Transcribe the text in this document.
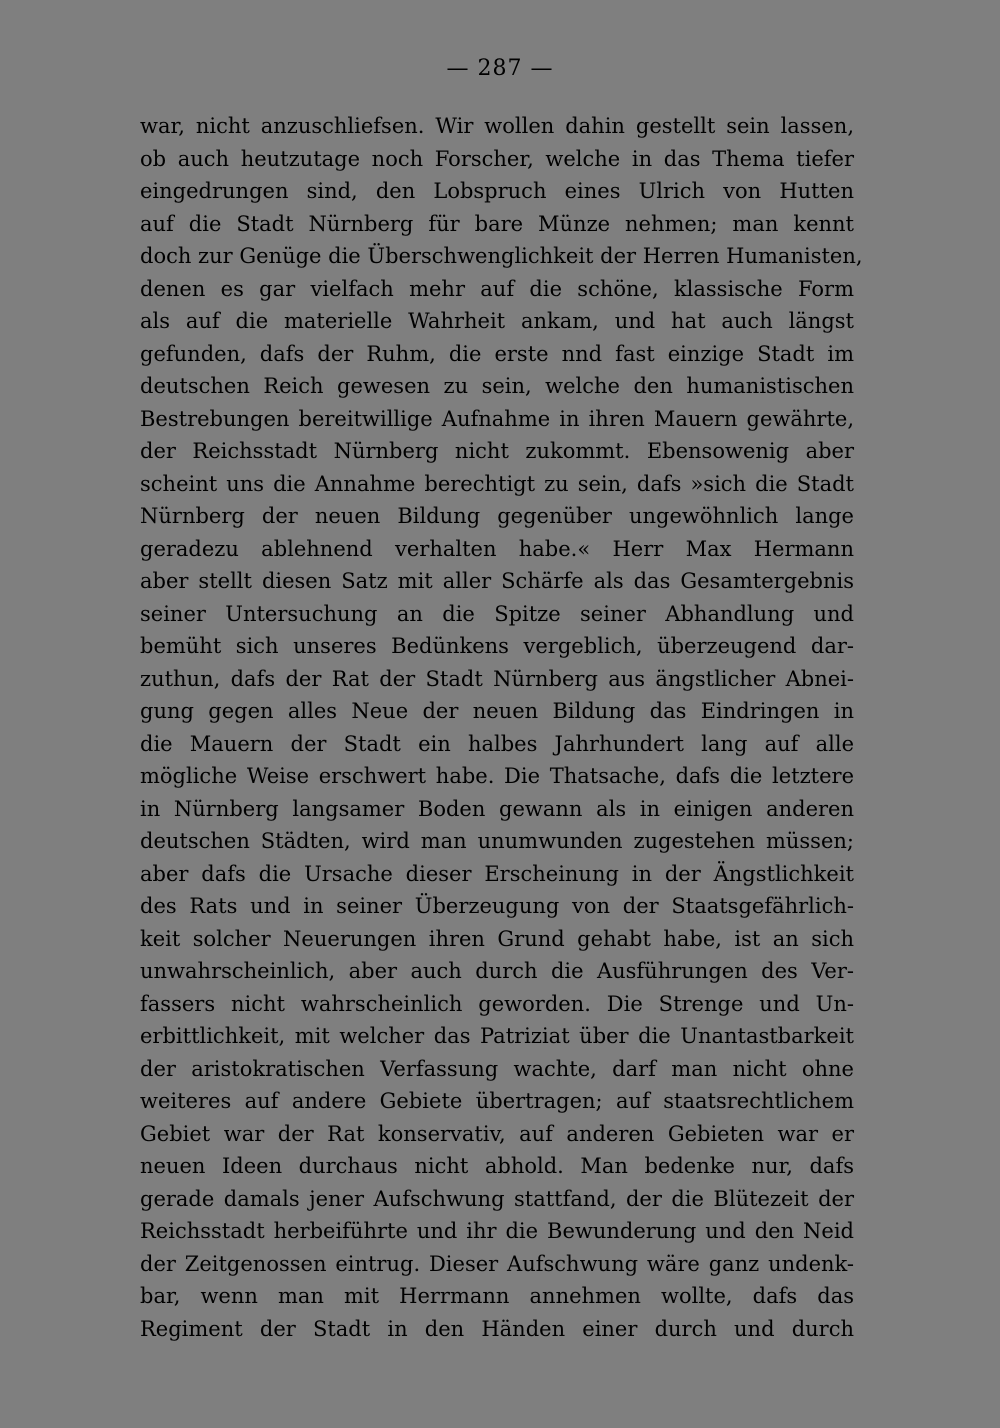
— 287 —
war, nicht anzuschliefsen. Wir wollen dahin gestellt sein lassen,
ob auch heutzutage noch Forscher, welche in das Thema tiefer
eingedrungen sind, den Lobspruch eines Ulrich von Hutten
auf die Stadt Nürnberg für bare Münze nehmen; man kennt
doch zur Genüge die Überschwenglichkeit der Herren Humanisten,
denen es gar vielfach mehr auf die schöne, klassische Form
als auf die materielle Wahrheit ankam, und hat auch längst
gefunden, dafs der Ruhm, die erste nnd fast einzige Stadt im
deutschen Reich gewesen zu sein, welche den humanistischen
Bestrebungen bereitwillige Aufnahme in ihren Mauern gewährte,
der Reichsstadt Nürnberg nicht zukommt. Ebensowenig aber
scheint uns die Annahme berechtigt zu sein, dafs »sich die Stadt
Nürnberg der neuen Bildung gegenüber ungewöhnlich lange
geradezu ablehnend verhalten habe.« Herr Max Hermann
aber stellt diesen Satz mit aller Schärfe als das Gesamtergebnis
seiner Untersuchung an die Spitze seiner Abhandlung und
bemüht sich unseres Bedünkens vergeblich, überzeugend dar-
zuthun, dafs der Rat der Stadt Nürnberg aus ängstlicher Abnei-
gung gegen alles Neue der neuen Bildung das Eindringen in
die Mauern der Stadt ein halbes Jahrhundert lang auf alle
mögliche Weise erschwert habe. Die Thatsache, dafs die letztere
in Nürnberg langsamer Boden gewann als in einigen anderen
deutschen Städten, wird man unumwunden zugestehen müssen;
aber dafs die Ursache dieser Erscheinung in der Ängstlichkeit
des Rats und in seiner Überzeugung von der Staatsgefährlich-
keit solcher Neuerungen ihren Grund gehabt habe, ist an sich
unwahrscheinlich, aber auch durch die Ausführungen des Ver-
fassers nicht wahrscheinlich geworden. Die Strenge und Un-
erbittlichkeit, mit welcher das Patriziat über die Unantastbarkeit
der aristokratischen Verfassung wachte, darf man nicht ohne
weiteres auf andere Gebiete übertragen; auf staatsrechtlichem
Gebiet war der Rat konservativ, auf anderen Gebieten war er
neuen Ideen durchaus nicht abhold. Man bedenke nur, dafs
gerade damals jener Aufschwung stattfand, der die Blütezeit der
Reichsstadt herbeiführte und ihr die Bewunderung und den Neid
der Zeitgenossen eintrug. Dieser Aufschwung wäre ganz undenk-
bar, wenn man mit Herrmann annehmen wollte, dafs das
Regiment der Stadt in den Händen einer durch und durch
